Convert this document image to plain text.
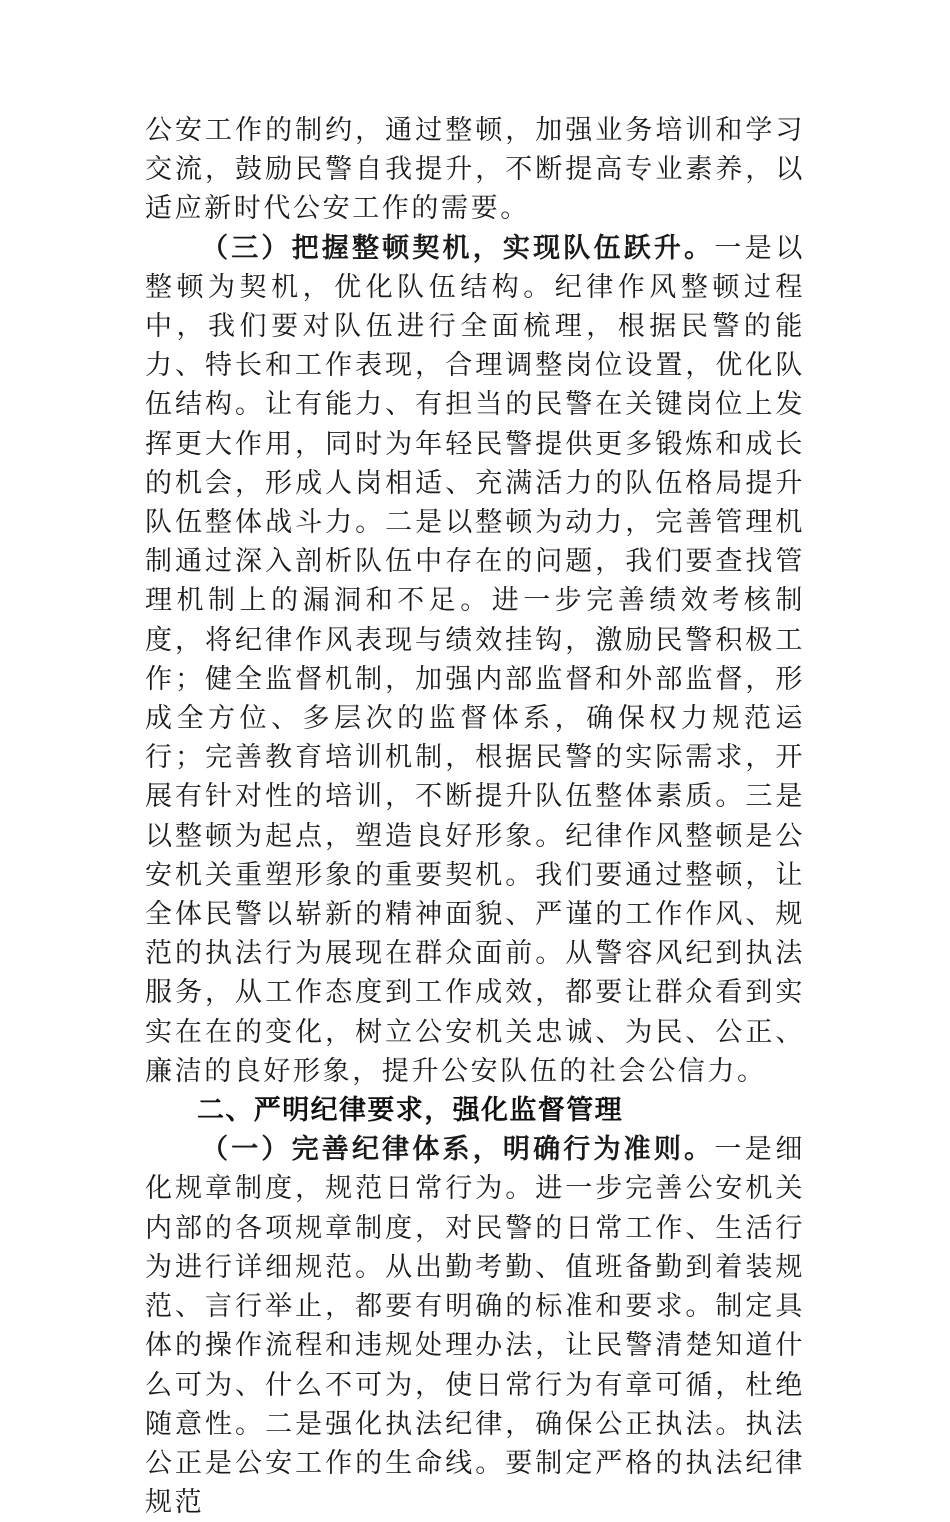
公安工作的制约，通过整顿，加强业务培训和学习交流，鼓励民警自我提升，不断提高专业素养，以适应新时代公安工作的需要。

（三）把握整顿契机，实现队伍跃升。一是以整顿为契机，优化队伍结构。纪律作风整顿过程中，我们要对队伍进行全面梳理，根据民警的能力、特长和工作表现，合理调整岗位设置，优化队伍结构。让有能力、有担当的民警在关键岗位上发挥更大作用，同时为年轻民警提供更多锻炼和成长的机会，形成人岗相适、充满活力的队伍格局提升队伍整体战斗力。二是以整顿为动力，完善管理机制通过深入剖析队伍中存在的问题，我们要查找管理机制上的漏洞和不足。进一步完善绩效考核制度，将纪律作风表现与绩效挂钩，激励民警积极工作；健全监督机制，加强内部监督和外部监督，形成全方位、多层次的监督体系，确保权力规范运行；完善教育培训机制，根据民警的实际需求，开展有针对性的培训，不断提升队伍整体素质。三是以整顿为起点，塑造良好形象。纪律作风整顿是公安机关重塑形象的重要契机。我们要通过整顿，让全体民警以崭新的精神面貌、严谨的工作作风、规范的执法行为展现在群众面前。从警容风纪到执法服务，从工作态度到工作成效，都要让群众看到实实在在的变化，树立公安机关忠诚、为民、公正、廉洁的良好形象，提升公安队伍的社会公信力。

二、严明纪律要求，强化监督管理

（一）完善纪律体系，明确行为准则。一是细化规章制度，规范日常行为。进一步完善公安机关内部的各项规章制度，对民警的日常工作、生活行为进行详细规范。从出勤考勤、值班备勤到着装规范、言行举止，都要有明确的标准和要求。制定具体的操作流程和违规处理办法，让民警清楚知道什么可为、什么不可为，使日常行为有章可循，杜绝随意性。二是强化执法纪律，确保公正执法。执法公正是公安工作的生命线。要制定严格的执法纪律规范
